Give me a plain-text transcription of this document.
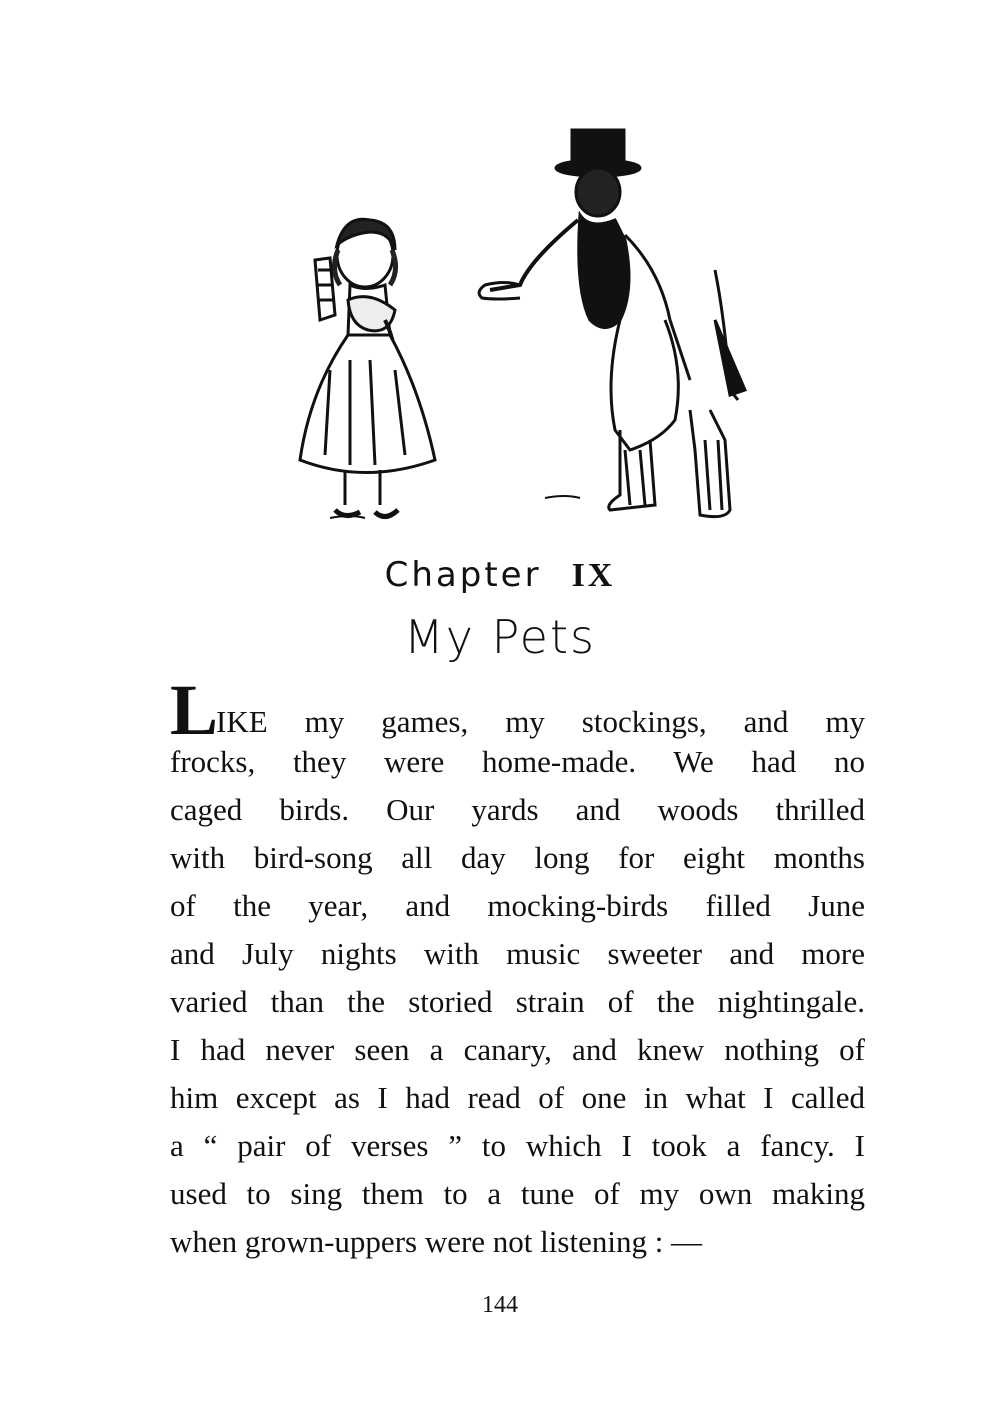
Chapter IX
My Pets
LIKE my games, my stockings, and my
frocks, they were home-made. We had no
caged birds. Our yards and woods thrilled
with bird-song all day long for eight months
of the year, and mocking-birds filled June
and July nights with music sweeter and more
varied than the storied strain of the nightingale.
I had never seen a canary, and knew nothing of
him except as I had read of one in what I called
a “ pair of verses ” to which I took a fancy. I
used to sing them to a tune of my own making
when grown-uppers were not listening : —
144
